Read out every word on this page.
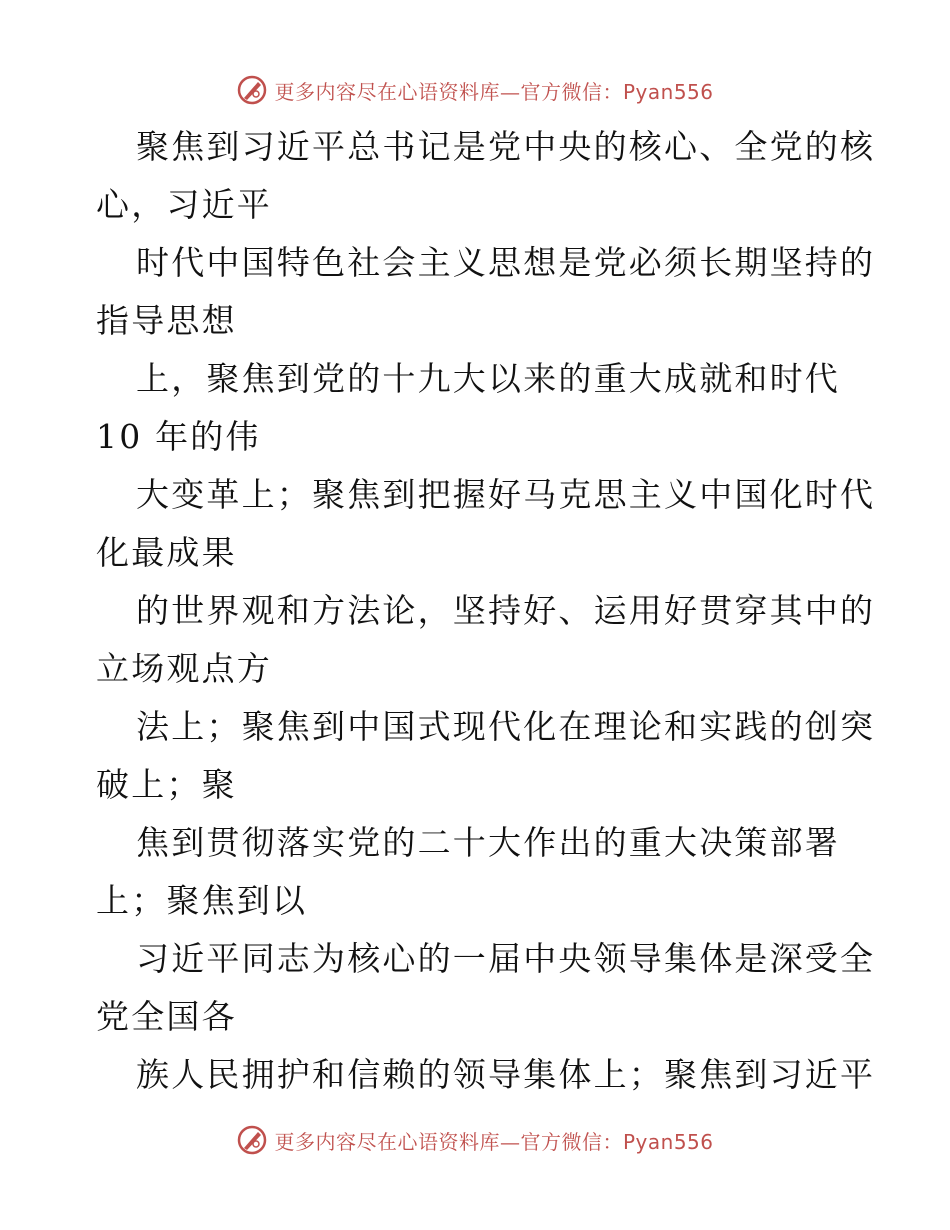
更多内容尽在心语资料库—官方微信：Pyan556
聚焦到习近平总书记是党中央的核心、全党的核
心，习近平
时代中国特色社会主义思想是党必须长期坚持的
指导思想
上，聚焦到党的十九大以来的重大成就和时代
10 年的伟
大变革上；聚焦到把握好马克思主义中国化时代
化最成果
的世界观和方法论，坚持好、运用好贯穿其中的
立场观点方
法上；聚焦到中国式现代化在理论和实践的创突
破上；聚
焦到贯彻落实党的二十大作出的重大决策部署
上；聚焦到以
习近平同志为核心的一届中央领导集体是深受全
党全国各
族人民拥护和信赖的领导集体上；聚焦到习近平
更多内容尽在心语资料库—官方微信：Pyan556
